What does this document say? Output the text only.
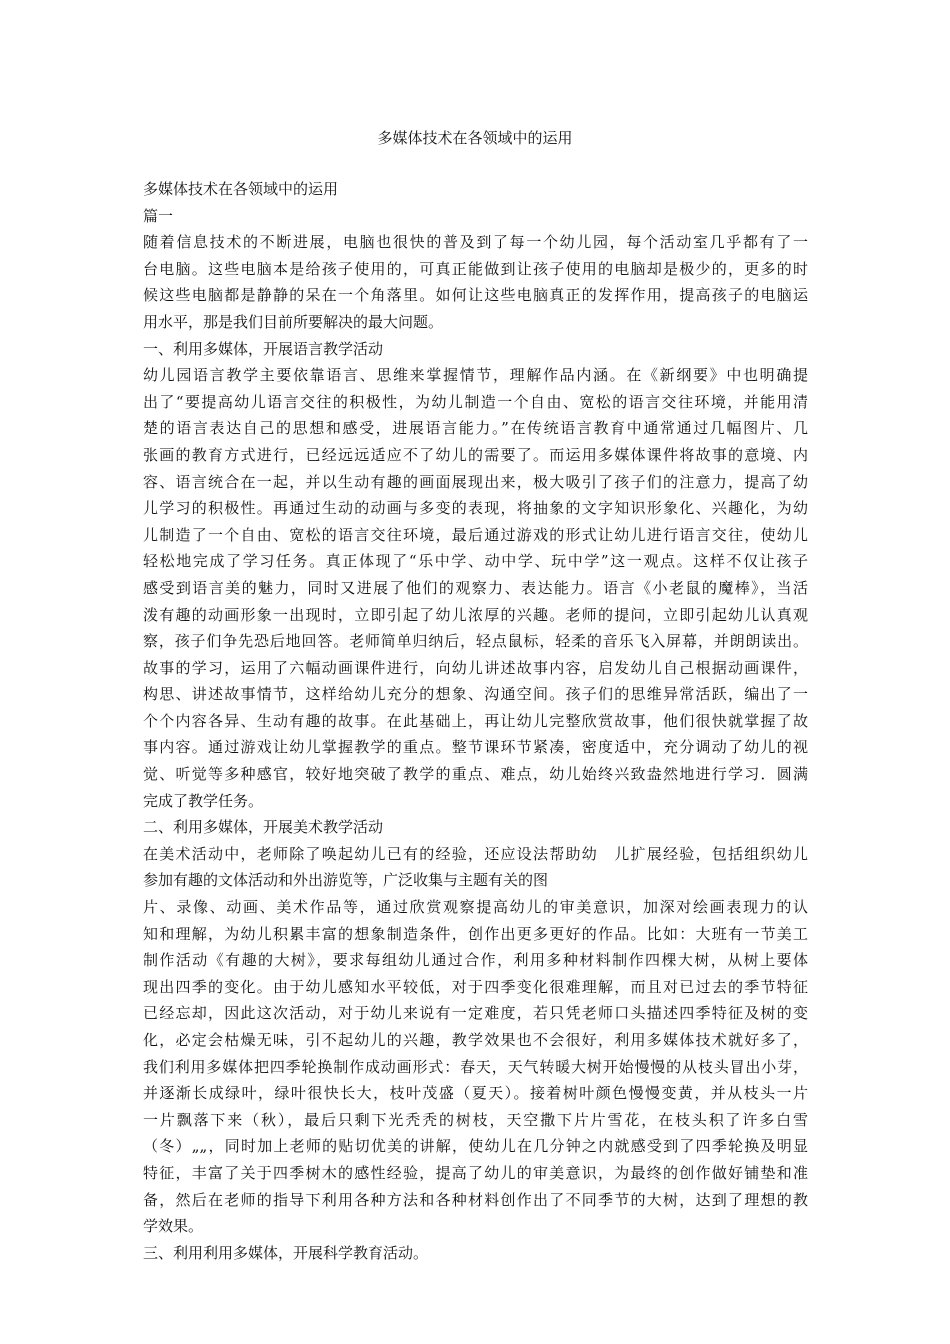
多媒体技术在各领域中的运用

多媒体技术在各领域中的运用

篇一

随着信息技术的不断进展，电脑也很快的普及到了每一个幼儿园，每个活动室几乎都有了一

台电脑。这些电脑本是给孩子使用的，可真正能做到让孩子使用的电脑却是极少的，更多的时

候这些电脑都是静静的呆在一个角落里。如何让这些电脑真正的发挥作用，提高孩子的电脑运

用水平，那是我们目前所要解决的最大问题。

一、利用多媒体，开展语言教学活动

幼儿园语言教学主要依靠语言、思维来掌握情节，理解作品内涵。在《新纲要》中也明确提

出了“要提高幼儿语言交往的积极性，为幼儿制造一个自由、宽松的语言交往环境，并能用清

楚的语言表达自己的思想和感受，进展语言能力。”在传统语言教育中通常通过几幅图片、几

张画的教育方式进行，已经远远适应不了幼儿的需要了。而运用多媒体课件将故事的意境、内

容、语言统合在一起，并以生动有趣的画面展现出来，极大吸引了孩子们的注意力，提高了幼

儿学习的积极性。再通过生动的动画与多变的表现，将抽象的文字知识形象化、兴趣化，为幼

儿制造了一个自由、宽松的语言交往环境，最后通过游戏的形式让幼儿进行语言交往，使幼儿

轻松地完成了学习任务。真正体现了“乐中学、动中学、玩中学”这一观点。这样不仅让孩子

感受到语言美的魅力，同时又进展了他们的观察力、表达能力。语言《小老鼠的魔棒》，当活

泼有趣的动画形象一出现时，立即引起了幼儿浓厚的兴趣。老师的提问，立即引起幼儿认真观

察，孩子们争先恐后地回答。老师简单归纳后，轻点鼠标，轻柔的音乐飞入屏幕，并朗朗读出。

故事的学习，运用了六幅动画课件进行，向幼儿讲述故事内容，启发幼儿自己根据动画课件，

构思、讲述故事情节，这样给幼儿充分的想象、沟通空间。孩子们的思维异常活跃，编出了一

个个内容各异、生动有趣的故事。在此基础上，再让幼儿完整欣赏故事，他们很快就掌握了故

事内容。通过游戏让幼儿掌握教学的重点。整节课环节紧凑，密度适中，充分调动了幼儿的视

觉、听觉等多种感官，较好地突破了教学的重点、难点，幼儿始终兴致盎然地进行学习．圆满

完成了教学任务。

二、利用多媒体，开展美术教学活动

在美术活动中，老师除了唤起幼儿已有的经验，还应设法帮助幼　儿扩展经验，包括组织幼儿

参加有趣的文体活动和外出游览等，广泛收集与主题有关的图

片、录像、动画、美术作品等，通过欣赏观察提高幼儿的审美意识，加深对绘画表现力的认

知和理解，为幼儿积累丰富的想象制造条件，创作出更多更好的作品。比如：大班有一节美工

制作活动《有趣的大树》，要求每组幼儿通过合作，利用多种材料制作四棵大树，从树上要体

现出四季的变化。由于幼儿感知水平较低，对于四季变化很难理解，而且对已过去的季节特征

已经忘却，因此这次活动，对于幼儿来说有一定难度，若只凭老师口头描述四季特征及树的变

化，必定会枯燥无味，引不起幼儿的兴趣，教学效果也不会很好，利用多媒体技术就好多了，

我们利用多媒体把四季轮换制作成动画形式：春天，天气转暖大树开始慢慢的从枝头冒出小芽，

并逐渐长成绿叶，绿叶很快长大，枝叶茂盛（夏天）。接着树叶颜色慢慢变黄，并从枝头一片

一片飘落下来（秋），最后只剩下光秃秃的树枝，天空撒下片片雪花，在枝头积了许多白雪

（冬）„„，同时加上老师的贴切优美的讲解，使幼儿在几分钟之内就感受到了四季轮换及明显

特征，丰富了关于四季树木的感性经验，提高了幼儿的审美意识，为最终的创作做好铺垫和准

备，然后在老师的指导下利用各种方法和各种材料创作出了不同季节的大树，达到了理想的教

学效果。

三、利用利用多媒体，开展科学教育活动。
